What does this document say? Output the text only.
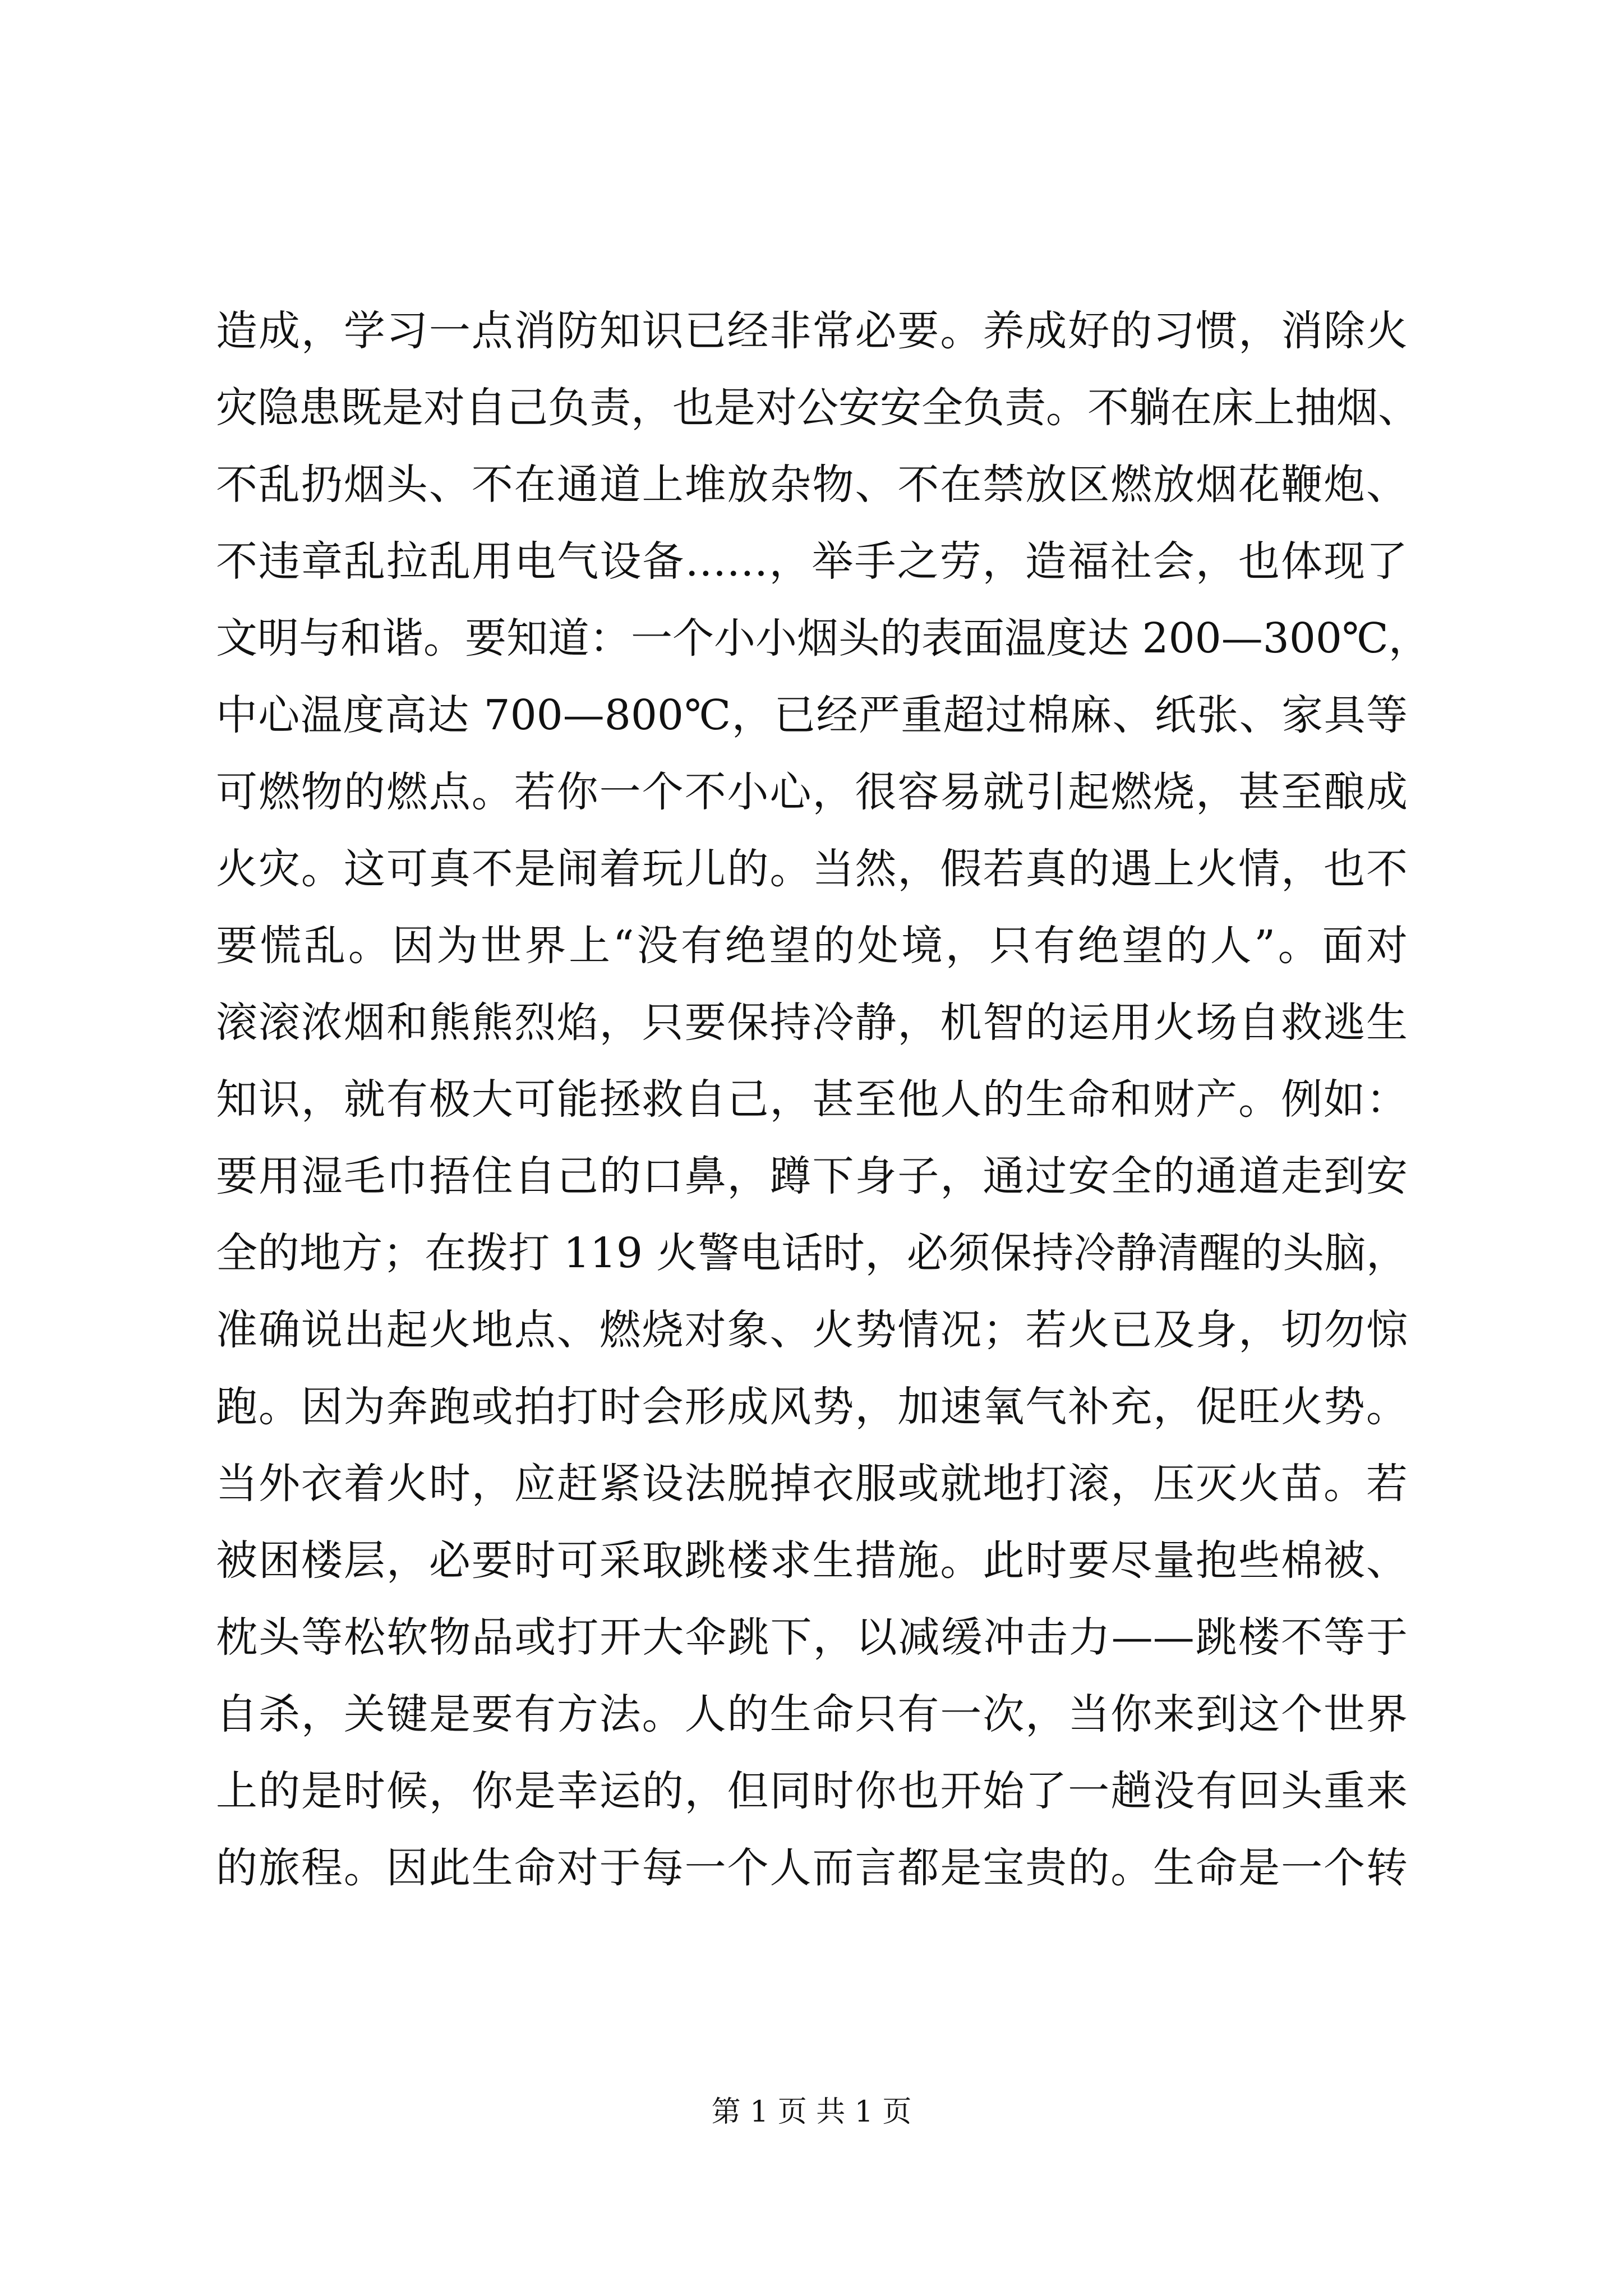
造成，学习一点消防知识已经非常必要。养成好的习惯，消除火
灾隐患既是对自己负责，也是对公安安全负责。不躺在床上抽烟、
不乱扔烟头、不在通道上堆放杂物、不在禁放区燃放烟花鞭炮、
不违章乱拉乱用电气设备……，举手之劳，造福社会，也体现了
文明与和谐。要知道：一个小小烟头的表面温度达 200—300℃，
中心温度高达 700—800℃，已经严重超过棉麻、纸张、家具等
可燃物的燃点。若你一个不小心，很容易就引起燃烧，甚至酿成
火灾。这可真不是闹着玩儿的。当然，假若真的遇上火情，也不
要慌乱。因为世界上“没有绝望的处境，只有绝望的人”。面对
滚滚浓烟和熊熊烈焰，只要保持冷静，机智的运用火场自救逃生
知识，就有极大可能拯救自己，甚至他人的生命和财产。例如：
要用湿毛巾捂住自己的口鼻，蹲下身子，通过安全的通道走到安
全的地方；在拨打 119 火警电话时，必须保持冷静清醒的头脑，
准确说出起火地点、燃烧对象、火势情况；若火已及身，切勿惊
跑。因为奔跑或拍打时会形成风势，加速氧气补充，促旺火势。
当外衣着火时，应赶紧设法脱掉衣服或就地打滚，压灭火苗。若
被困楼层，必要时可采取跳楼求生措施。此时要尽量抱些棉被、
枕头等松软物品或打开大伞跳下，以减缓冲击力——跳楼不等于
自杀，关键是要有方法。人的生命只有一次，当你来到这个世界
上的是时候，你是幸运的，但同时你也开始了一趟没有回头重来
的旅程。因此生命对于每一个人而言都是宝贵的。生命是一个转
第 1 页 共 1 页
